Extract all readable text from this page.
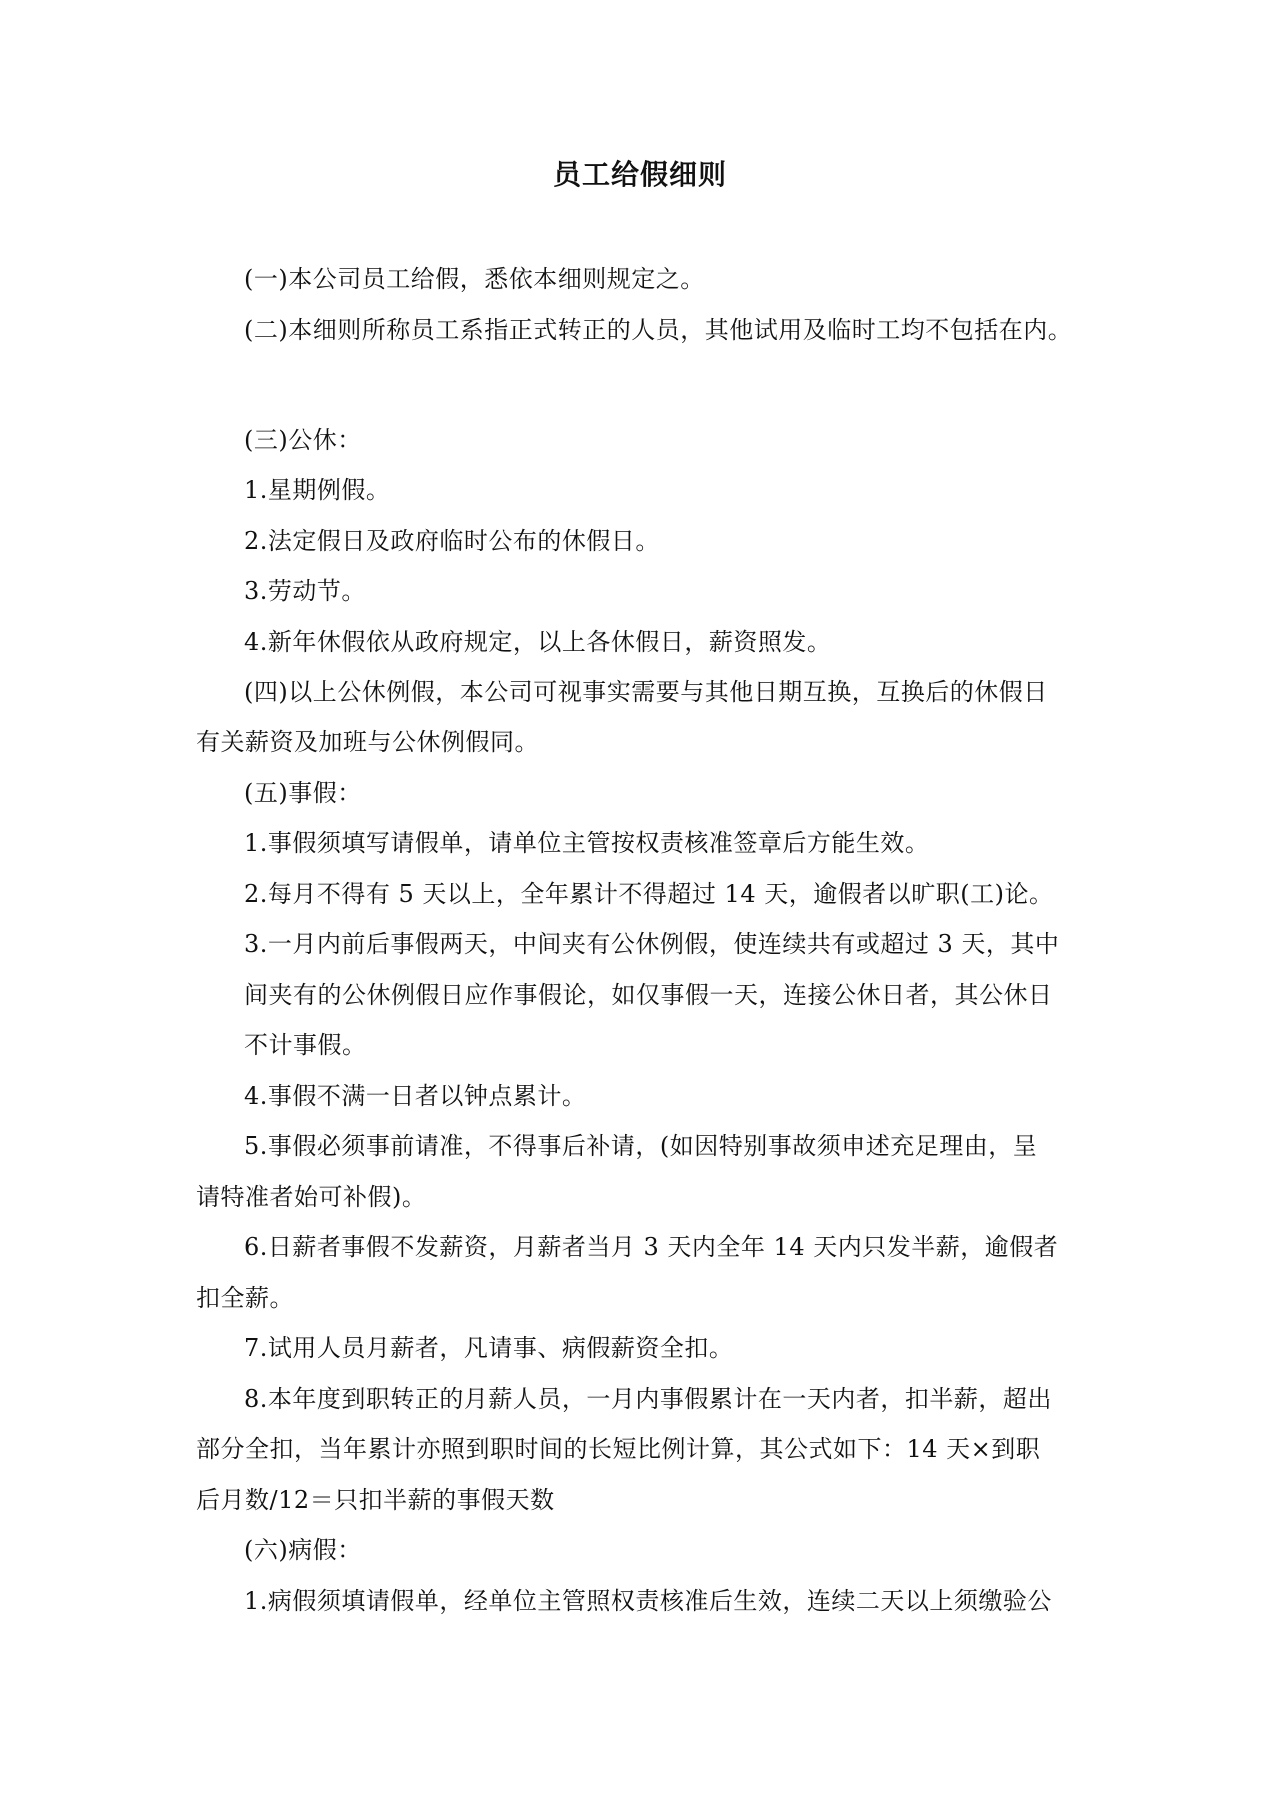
员工给假细则
(一)本公司员工给假，悉依本细则规定之。
(二)本细则所称员工系指正式转正的人员，其他试用及临时工均不包括在内。
(三)公休：
1.星期例假。
2.法定假日及政府临时公布的休假日。
3.劳动节。
4.新年休假依从政府规定，以上各休假日，薪资照发。
(四)以上公休例假，本公司可视事实需要与其他日期互换，互换后的休假日
有关薪资及加班与公休例假同。
(五)事假：
1.事假须填写请假单，请单位主管按权责核准签章后方能生效。
2.每月不得有 5 天以上，全年累计不得超过 14 天，逾假者以旷职(工)论。
3.一月内前后事假两天，中间夹有公休例假，使连续共有或超过 3 天，其中
间夹有的公休例假日应作事假论，如仅事假一天，连接公休日者，其公休日
不计事假。
4.事假不满一日者以钟点累计。
5.事假必须事前请准，不得事后补请，(如因特别事故须申述充足理由，呈
请特准者始可补假)。
6.日薪者事假不发薪资，月薪者当月 3 天内全年 14 天内只发半薪，逾假者
扣全薪。
7.试用人员月薪者，凡请事、病假薪资全扣。
8.本年度到职转正的月薪人员，一月内事假累计在一天内者，扣半薪，超出
部分全扣，当年累计亦照到职时间的长短比例计算，其公式如下：14 天×到职
后月数/12＝只扣半薪的事假天数
(六)病假：
1.病假须填请假单，经单位主管照权责核准后生效，连续二天以上须缴验公
